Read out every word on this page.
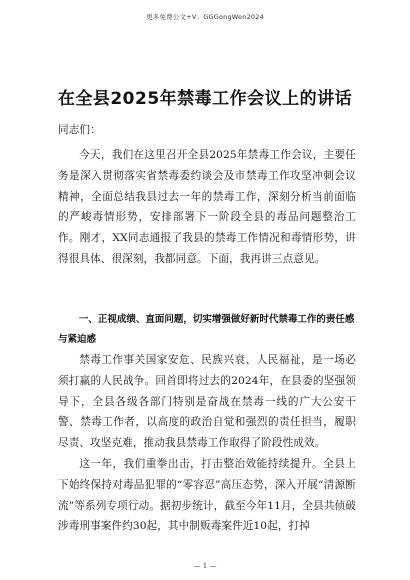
更多免费公文+V：GGGongWen2024
在全县2025年禁毒工作会议上的讲话
同志们：
今天，我们在这里召开全县2025年禁毒工作会议，主要任务是深入贯彻落实省禁毒委约谈会及市禁毒工作攻坚冲刺会议精神，全面总结我县过去一年的禁毒工作，深刻分析当前面临的严峻毒情形势，安排部署下一阶段全县的毒品问题整治工作。刚才，XX同志通报了我县的禁毒工作情况和毒情形势，讲得很具体、很深刻，我都同意。下面，我再讲三点意见。
一、正视成绩、直面问题，切实增强做好新时代禁毒工作的责任感与紧迫感
禁毒工作事关国家安危、民族兴衰、人民福祉，是一场必须打赢的人民战争。回首即将过去的2024年，在县委的坚强领导下，全县各级各部门特别是奋战在禁毒一线的广大公安干警、禁毒工作者，以高度的政治自觉和强烈的责任担当，履职尽责、攻坚克难，推动我县禁毒工作取得了阶段性成效。
这一年，我们重拳出击，打击整治效能持续提升。全县上下始终保持对毒品犯罪的“零容忍”高压态势，深入开展“清源断流”等系列专项行动。据初步统计，截至今年11月，全县共侦破涉毒刑事案件约30起，其中制贩毒案件近10起，打掉
— 1 —
